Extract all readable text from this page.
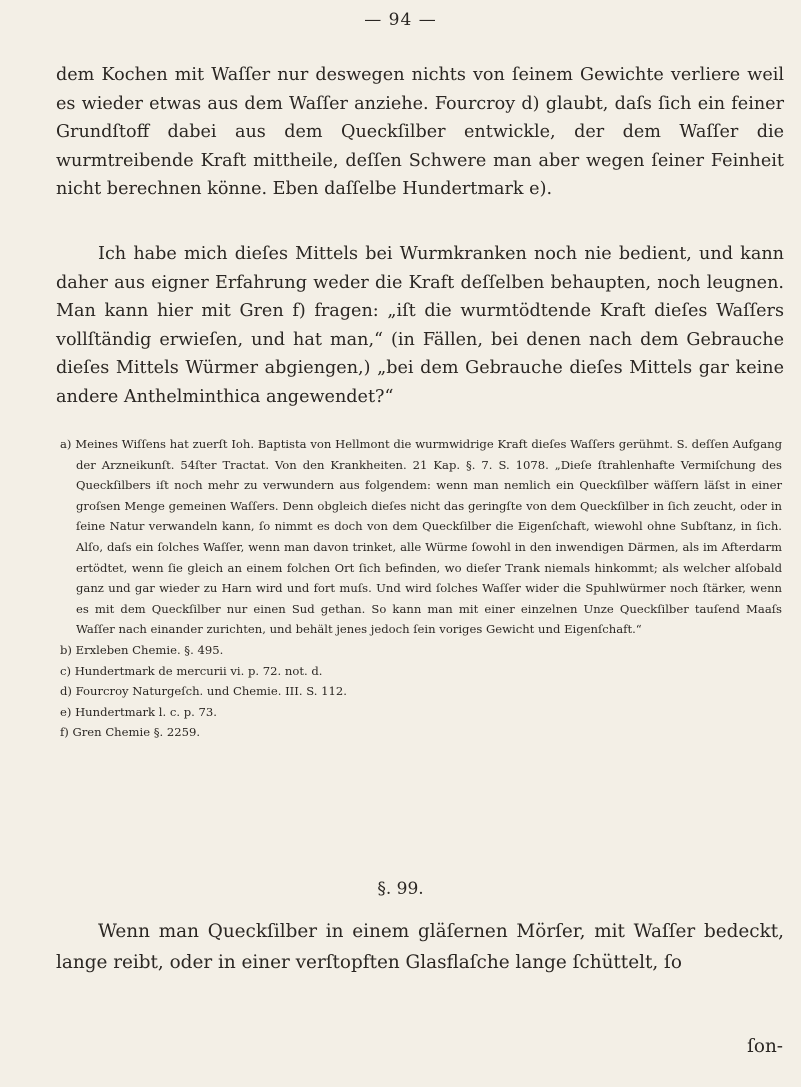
— 94 —

dem Kochen mit Waſſer nur deswegen nichts von ſeinem Gewichte verliere weil es wieder etwas aus dem Waſſer anziehe. Fourcroy d) glaubt, daſs ſich ein feiner Grundſtoff dabei aus dem Queckſilber entwickle, der dem Waſſer die wurmtreibende Kraft mittheile, deſſen Schwere man aber wegen ſeiner Feinheit nicht berechnen könne. Eben daſſelbe Hundertmark e).

Ich habe mich dieſes Mittels bei Wurmkranken noch nie bedient, und kann daher aus eigner Erfahrung weder die Kraft deſſelben behaupten, noch leugnen. Man kann hier mit Gren f) fragen: „iſt die wurmtödtende Kraft dieſes Waſſers vollſtändig erwieſen, und hat man,“ (in Fällen, bei denen nach dem Gebrauche dieſes Mittels Würmer abgiengen,) „bei dem Gebrauche dieſes Mittels gar keine andere Anthelminthica angewendet?“

a) Meines Wiſſens hat zuerſt Ioh. Baptista von Hellmont die wurmwidrige Kraft dieſes Waſſers gerühmt. S. deſſen Aufgang der Arzneikunſt. 54ſter Tractat. Von den Krankheiten. 21 Kap. §. 7. S. 1078. „Dieſe ſtrahlenhafte Vermiſchung des Queckſilbers iſt noch mehr zu verwundern aus folgendem: wenn man nemlich ein Queckſilber wäſſern läſst in einer groſsen Menge gemeinen Waſſers. Denn obgleich dieſes nicht das geringſte von dem Queckſilber in ſich zeucht, oder in ſeine Natur verwandeln kann, ſo nimmt es doch von dem Queckſilber die Eigenſchaft, wiewohl ohne Subſtanz, in ſich. Alſo, daſs ein ſolches Waſſer, wenn man davon trinket, alle Würme ſowohl in den inwendigen Därmen, als im Afterdarm ertödtet, wenn ſie gleich an einem folchen Ort ſich befinden, wo dieſer Trank niemals hinkommt; als welcher alſobald ganz und gar wieder zu Harn wird und fort muſs. Und wird ſolches Waſſer wider die Spuhlwürmer noch ſtärker, wenn es mit dem Queckſilber nur einen Sud gethan. So kann man mit einer einzelnen Unze Queckſilber tauſend Maaſs Waſſer nach einander zurichten, und behält jenes jedoch ſein voriges Gewicht und Eigenſchaft.“

b) Erxleben Chemie. §. 495.

c) Hundertmark de mercurii vi. p. 72. not. d.

d) Fourcroy Naturgeſch. und Chemie. III. S. 112.

e) Hundertmark l. c. p. 73.

f) Gren Chemie §. 2259.

§. 99.

Wenn man Queckſilber in einem gläſernen Mörſer, mit Waſſer bedeckt, lange reibt, oder in einer verſtopften Glasflaſche lange ſchüttelt, ſo

ſon-
